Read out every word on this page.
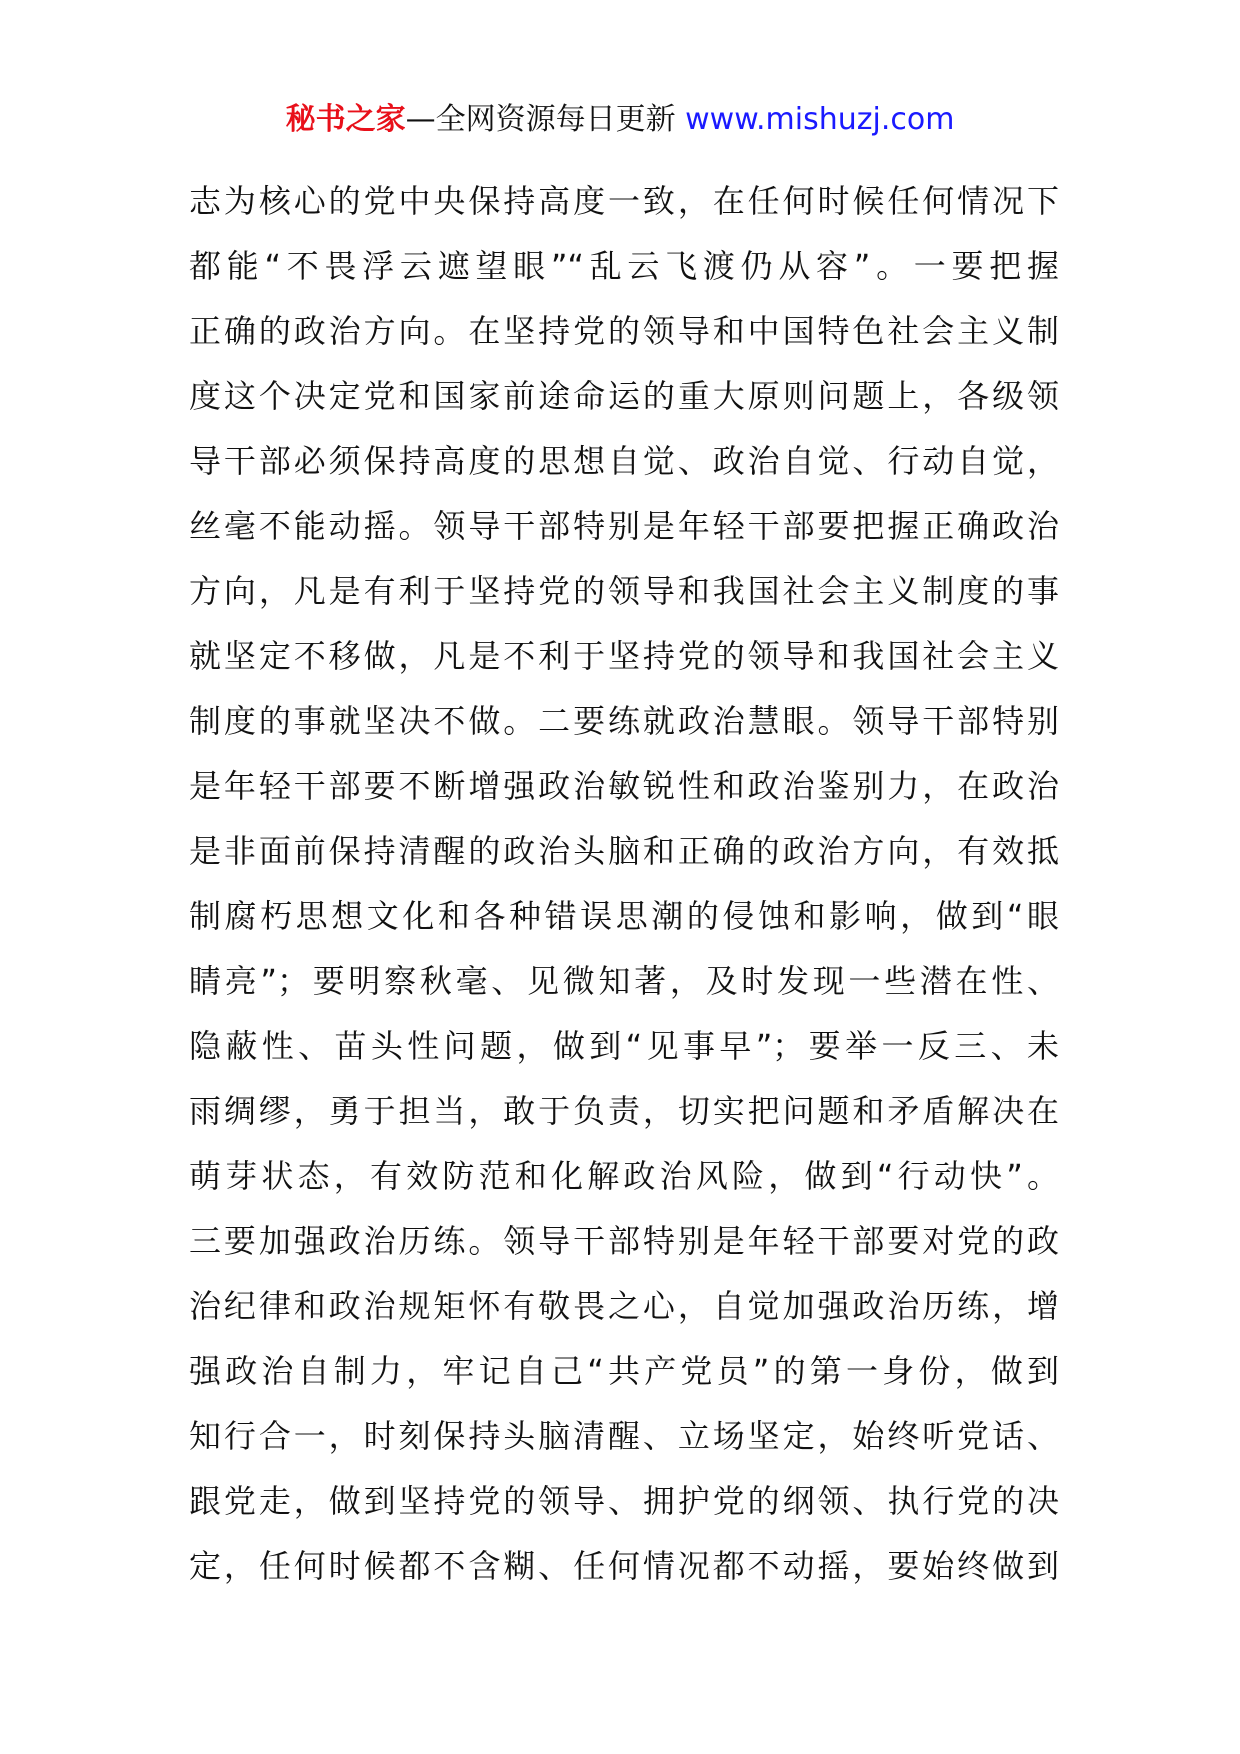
秘书之家—全网资源每日更新 www.mishuzj.com
志为核心的党中央保持高度一致，在任何时候任何情况下
都能“不畏浮云遮望眼”“乱云飞渡仍从容”。一要把握
正确的政治方向。在坚持党的领导和中国特色社会主义制
度这个决定党和国家前途命运的重大原则问题上，各级领
导干部必须保持高度的思想自觉、政治自觉、行动自觉，
丝毫不能动摇。领导干部特别是年轻干部要把握正确政治
方向，凡是有利于坚持党的领导和我国社会主义制度的事
就坚定不移做，凡是不利于坚持党的领导和我国社会主义
制度的事就坚决不做。二要练就政治慧眼。领导干部特别
是年轻干部要不断增强政治敏锐性和政治鉴别力，在政治
是非面前保持清醒的政治头脑和正确的政治方向，有效抵
制腐朽思想文化和各种错误思潮的侵蚀和影响，做到“眼
睛亮”；要明察秋毫、见微知著，及时发现一些潜在性、
隐蔽性、苗头性问题，做到“见事早”；要举一反三、未
雨绸缪，勇于担当，敢于负责，切实把问题和矛盾解决在
萌芽状态，有效防范和化解政治风险，做到“行动快”。
三要加强政治历练。领导干部特别是年轻干部要对党的政
治纪律和政治规矩怀有敬畏之心，自觉加强政治历练，增
强政治自制力，牢记自己“共产党员”的第一身份，做到
知行合一，时刻保持头脑清醒、立场坚定，始终听党话、
跟党走，做到坚持党的领导、拥护党的纲领、执行党的决
定，任何时候都不含糊、任何情况都不动摇，要始终做到
